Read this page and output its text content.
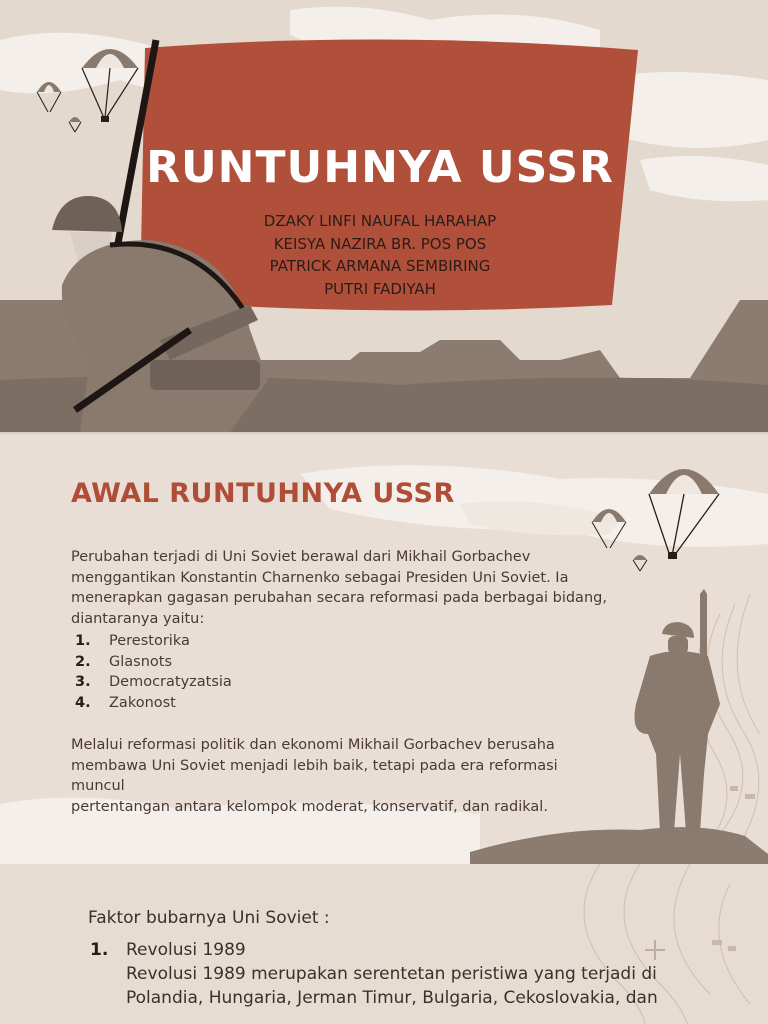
RUNTUHNYA USSR
DZAKY LINFI NAUFAL HARAHAP
KEISYA NAZIRA BR. POS POS
PATRICK ARMANA SEMBIRING
PUTRI FADIYAH
AWAL RUNTUHNYA USSR
Perubahan terjadi di Uni Soviet berawal dari Mikhail Gorbachev
menggantikan Konstantin Charnenko sebagai Presiden Uni Soviet. Ia
menerapkan gagasan perubahan secara reformasi pada berbagai bidang,
diantaranya yaitu:
1.	Perestorika
2.	Glasnots
3.	Democratyzatsia
4.	Zakonost
Melalui reformasi politik dan ekonomi Mikhail Gorbachev berusaha
membawa Uni Soviet menjadi lebih baik, tetapi pada era reformasi muncul
pertentangan antara kelompok moderat, konservatif, dan radikal.
Faktor bubarnya Uni Soviet :
1.	Revolusi 1989
Revolusi 1989 merupakan serentetan peristiwa yang terjadi di
Polandia, Hungaria, Jerman Timur, Bulgaria, Cekoslovakia, dan
